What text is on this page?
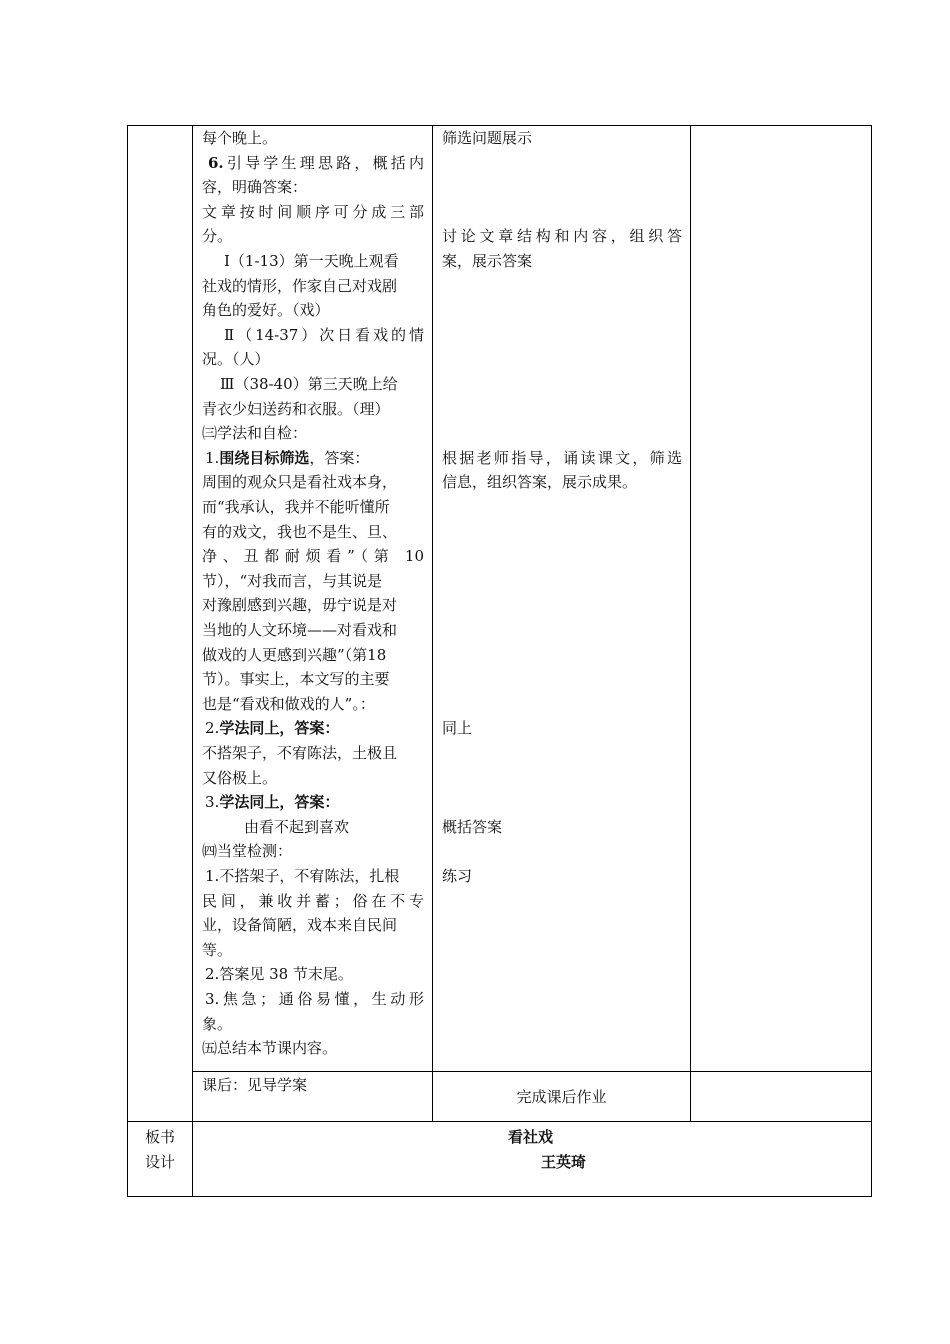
每个晚上。
6.引导学生理思路，概括内
容，明确答案：
文章按时间顺序可分成三部
分。
Ⅰ（1-13）第一天晚上观看
社戏的情形，作家自己对戏剧
角色的爱好。（戏）
Ⅱ（14-37）次日看戏的情
况。（人）
Ⅲ（38-40）第三天晚上给
青衣少妇送药和衣服。（理）
㈢学法和自检：
1.围绕目标筛选，答案：
周围的观众只是看社戏本身，
而“我承认，我并不能听懂所
有的戏文，我也不是生、旦、
净、丑都耐烦看”（第 10
节），“对我而言，与其说是
对豫剧感到兴趣，毋宁说是对
当地的人文环境——对看戏和
做戏的人更感到兴趣”（第18
节）。事实上，本文写的主要
也是“看戏和做戏的人”。：
2.学法同上，答案：
不搭架子，不宥陈法，土极且
又俗极上。
3.学法同上，答案：
由看不起到喜欢
㈣当堂检测：
1.不搭架子，不宥陈法，扎根
民间，兼收并蓄；俗在不专
业，设备简陋，戏本来自民间
等。
2.答案见 38 节末尾。
3.焦急；通俗易懂，生动形
象。
㈤总结本节课内容。
筛选问题展示
讨论文章结构和内容，组织答
案，展示答案
根据老师指导，诵读课文，筛选
信息，组织答案，展示成果。
同上
概括答案
练习
课后：见导学案
完成课后作业
板书
设计
看社戏
王英琦
